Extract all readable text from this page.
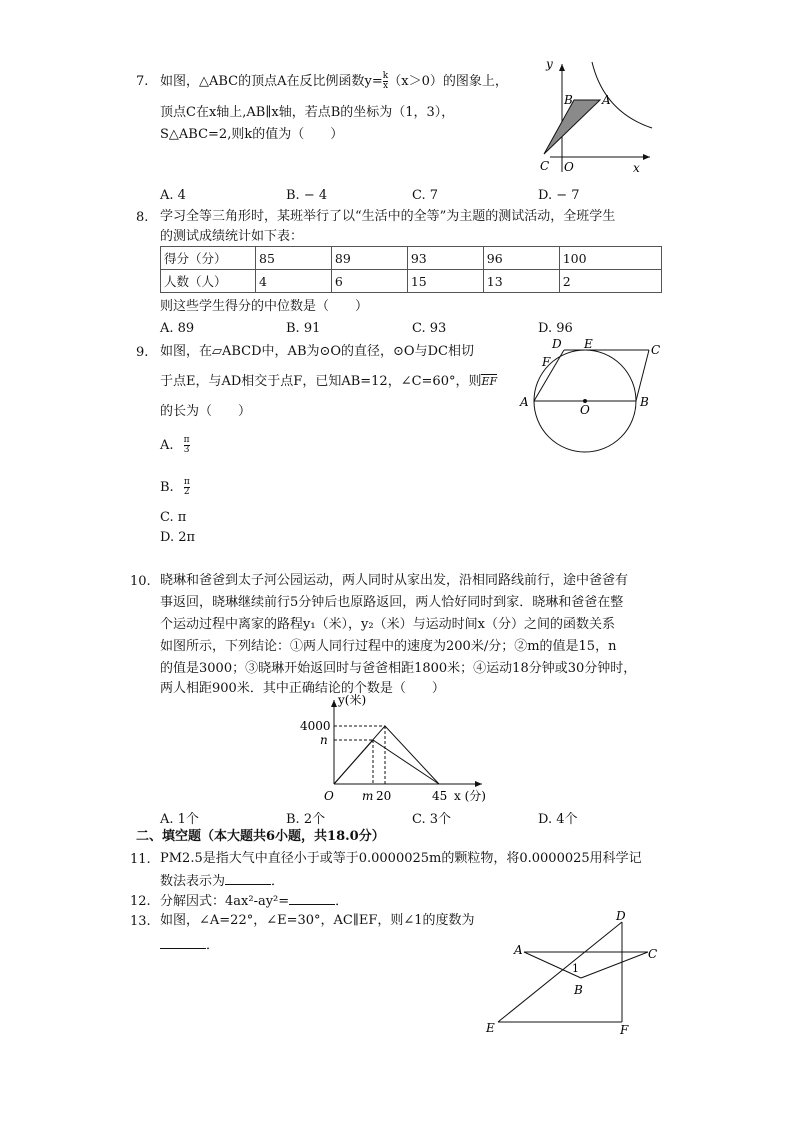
7. 如图，△ABC的顶点A在反比例函数$y= \frac{k}{x} (x>0)$的图象上，
顶点C在x轴上,AB∥x轴，若点B的坐标为（1，3），
S△ABC=2,则k的值为（　　）
y
x
A
B
C O
A. 4	B. − 4	C. 7	D. − 7
8. 学习全等三角形时，某班举行了以“生活中的全等”为主题的测试活动，全班学生
的测试成绩统计如下表：
得分（分）	85	89	93	96	100
人数（人）	4	6	15	13	2
则这些学生得分的中位数是（　　）
A. 89	B. 91	C. 93	D. 96
9. 如图，在▱ABCD中，AB为⊙O的直径，⊙O与DC相切
于点E，与AD相交于点F，已知AB=12，∠C=60°，则EF
的长为（　　）
A. $\frac{\pi}{3}$
B. $\frac{\pi}{2}$
C. π
D. 2π
D E	C
F
A
O
B
10. 晓琳和爸爸到太子河公园运动，两人同时从家出发，沿相同路线前行，途中爸爸有
事返回，晓琳继续前行5分钟后也原路返回，两人恰好同时到家．晓琳和爸爸在整
个运动过程中离家的路程y₁（米），y₂（米）与运动时间x（分）之间的函数关系
如图所示，下列结论：①两人同行过程中的速度为200米/分；②m的值是15，n
的值是3000；③晓琳开始返回时与爸爸相距1800米；④运动18分钟或30分钟时，
两人相距900米．其中正确结论的个数是（　　）
y(米)
x (分)
4000
n
O m 20	45
A. 1个	B. 2个	C. 3个	D. 4个
二、填空题（本大题共6小题，共18.0分）
11. PM2.5是指大气中直径小于或等于0.0000025m的颗粒物，将0.0000025用科学记
数法表示为	．
12. 分解因式：4ax²-ay²=	．
13. 如图，∠A=22°，∠E=30°，AC∥EF，则∠1的度数为
．
D
A	C
1
B
E	F
